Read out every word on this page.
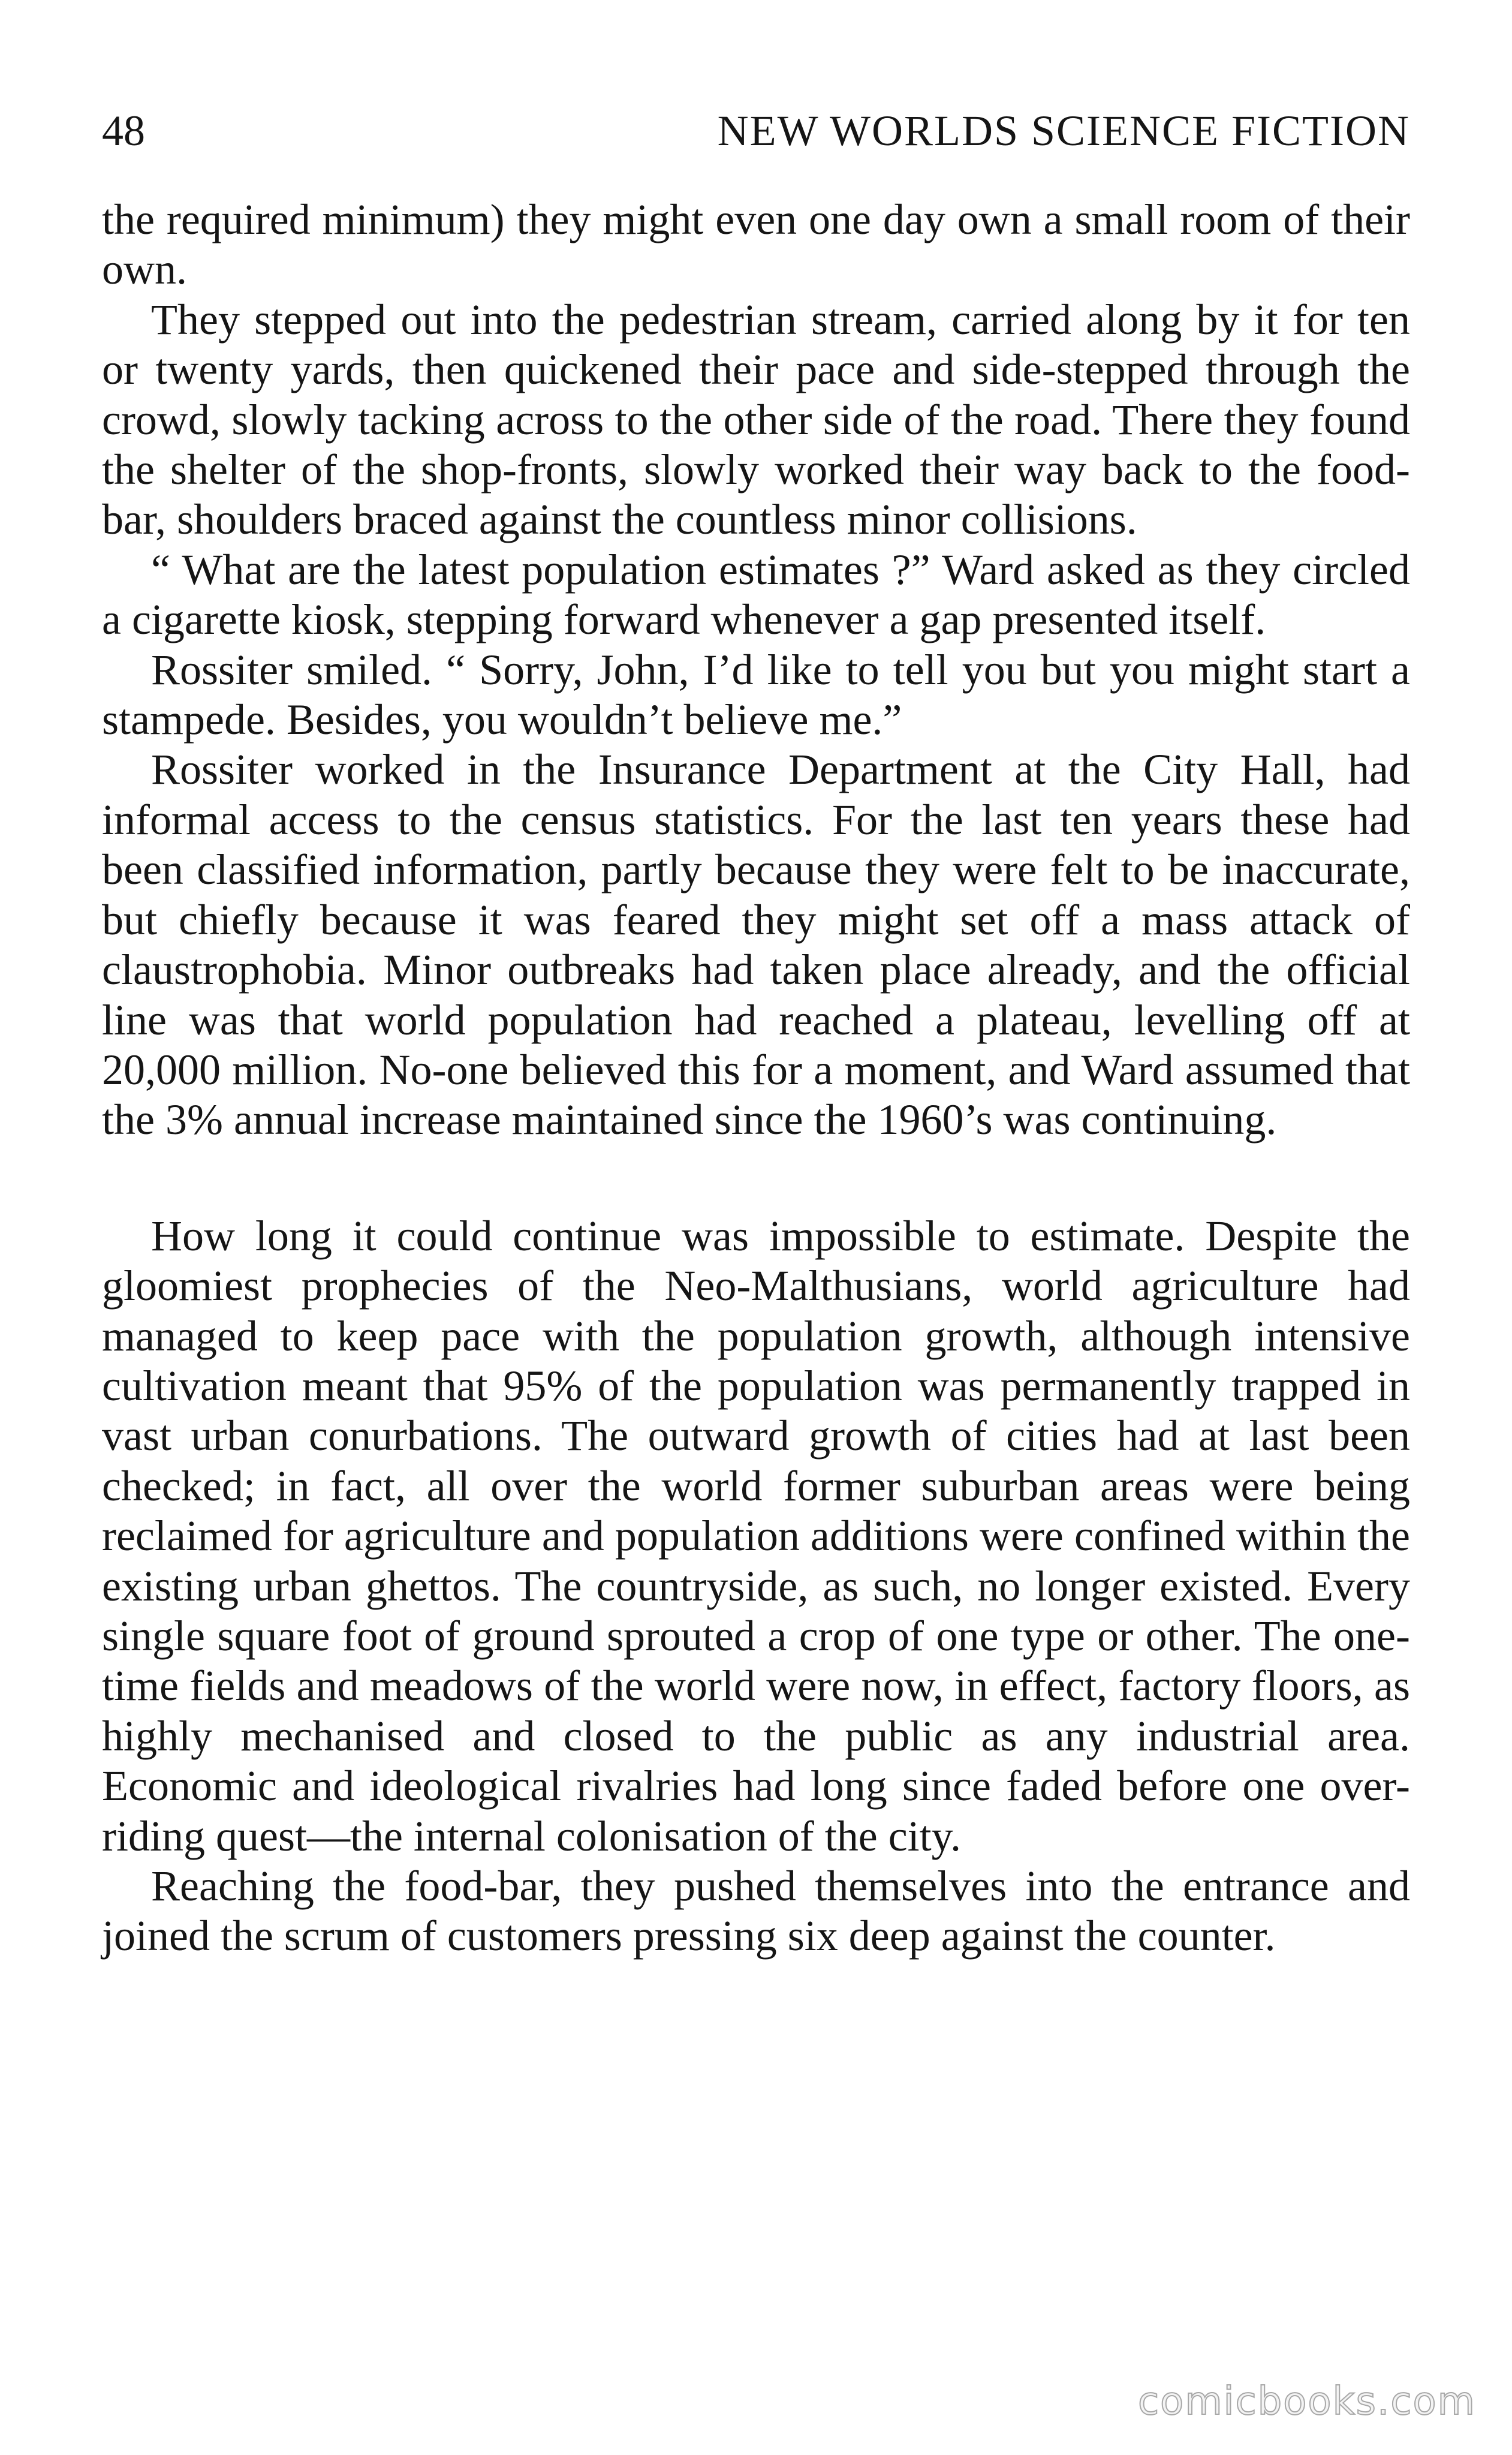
48	NEW WORLDS SCIENCE FICTION

the required minimum) they might even one day own a small room of their own.

They stepped out into the pedestrian stream, carried along by it for ten or twenty yards, then quickened their pace and side-stepped through the crowd, slowly tacking across to the other side of the road. There they found the shelter of the shop-fronts, slowly worked their way back to the food-bar, shoulders braced against the countless minor collisions.

“ What are the latest population estimates ?” Ward asked as they circled a cigarette kiosk, stepping forward whenever a gap presented itself.

Rossiter smiled. “ Sorry, John, I’d like to tell you but you might start a stampede. Besides, you wouldn’t believe me.”

Rossiter worked in the Insurance Department at the City Hall, had informal access to the census statistics. For the last ten years these had been classified information, partly because they were felt to be inaccurate, but chiefly because it was feared they might set off a mass attack of claustrophobia. Minor outbreaks had taken place already, and the official line was that world population had reached a plateau, levelling off at 20,000 million. No-one believed this for a moment, and Ward assumed that the 3% annual increase maintained since the 1960’s was continuing.

How long it could continue was impossible to estimate. Despite the gloomiest prophecies of the Neo-Malthusians, world agriculture had managed to keep pace with the population growth, although intensive cultivation meant that 95% of the population was permanently trapped in vast urban conurbations. The outward growth of cities had at last been checked; in fact, all over the world former suburban areas were being reclaimed for agriculture and population additions were confined within the existing urban ghettos. The countryside, as such, no longer existed. Every single square foot of ground sprouted a crop of one type or other. The one-time fields and meadows of the world were now, in effect, factory floors, as highly mechanised and closed to the public as any industrial area. Economic and ideological rivalries had long since faded before one over-riding quest—the internal colonisation of the city.

Reaching the food-bar, they pushed themselves into the entrance and joined the scrum of customers pressing six deep against the counter.

comicbooks.com
